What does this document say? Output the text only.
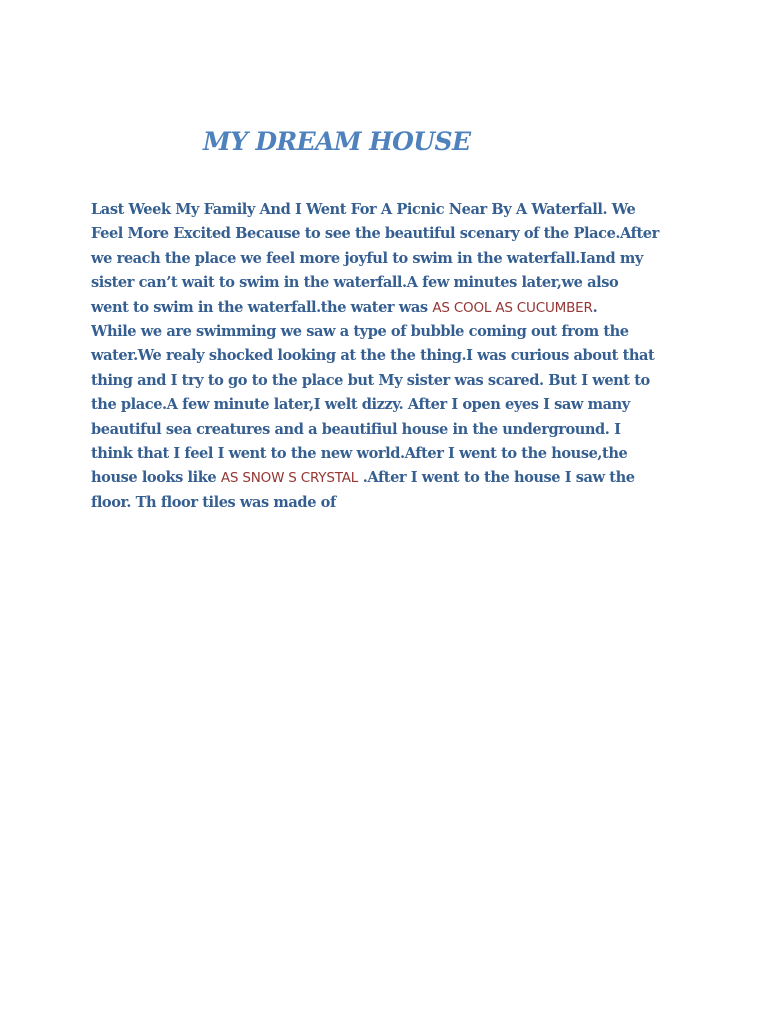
MY DREAM HOUSE
Last Week My Family And I Went For A Picnic Near By A Waterfall. We
Feel More Excited Because to see the beautiful scenary of the Place.After
we reach the place we feel more joyful to swim in the waterfall.Iand my
sister can’t wait to swim in the waterfall.A few minutes later,we also
went to swim in the waterfall.the water was AS COOL AS CUCUMBER.
While we are swimming we saw a type of bubble coming out from the
water.We realy shocked looking at the the thing.I was curious about that
thing and I try to go to the place but My sister was scared. But I went to
the place.A few minute later,I welt dizzy. After I open eyes I saw many
beautiful sea creatures and a beautifiul house in the underground. I
think that I feel I went to the new world.After I went to the house,the
house looks like AS SNOW S CRYSTAL .After I went to the house I saw the
floor. Th floor tiles was made of
